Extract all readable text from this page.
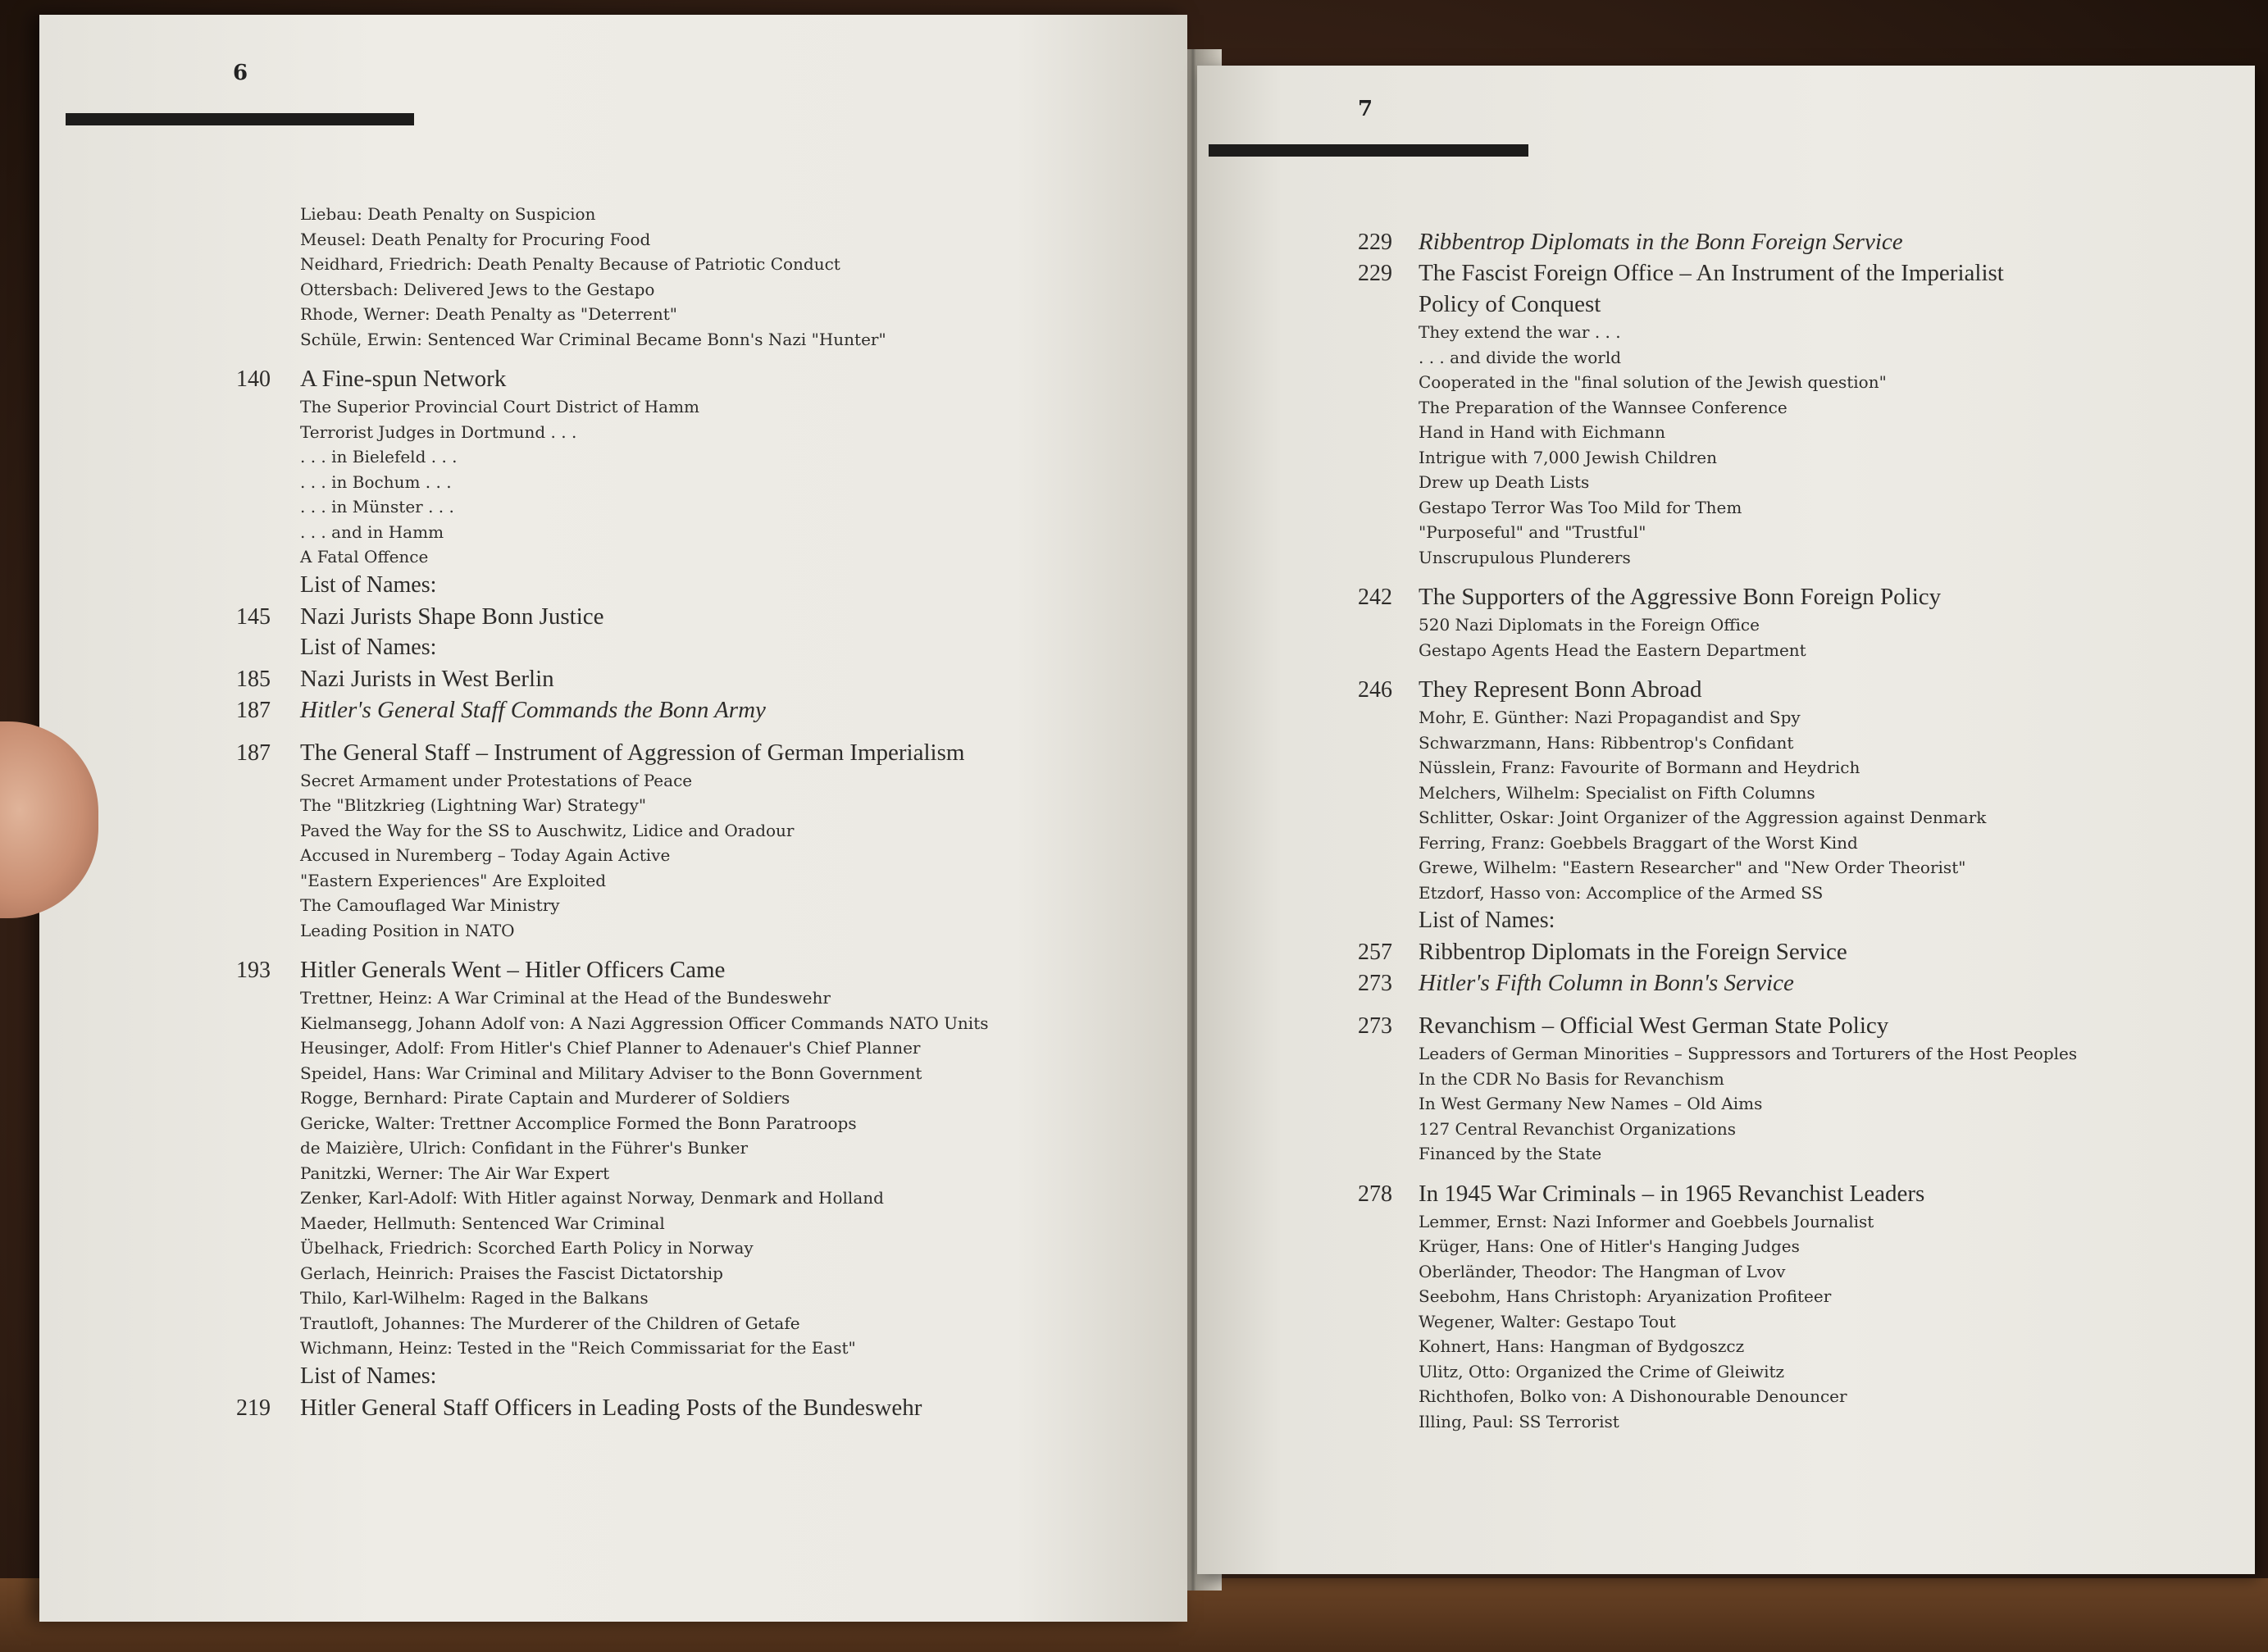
6
Liebau: Death Penalty on Suspicion
Meusel: Death Penalty for Procuring Food
Neidhard, Friedrich: Death Penalty Because of Patriotic Conduct
Ottersbach: Delivered Jews to the Gestapo
Rhode, Werner: Death Penalty as "Deterrent"
Schüle, Erwin: Sentenced War Criminal Became Bonn's Nazi "Hunter"
140	A Fine-spun Network
The Superior Provincial Court District of Hamm
Terrorist Judges in Dortmund . . .
. . . in Bielefeld . . .
. . . in Bochum . . .
. . . in Münster . . .
. . . and in Hamm
A Fatal Offence
List of Names:
145	Nazi Jurists Shape Bonn Justice
List of Names:
185	Nazi Jurists in West Berlin
187	Hitler's General Staff Commands the Bonn Army
187	The General Staff – Instrument of Aggression of German Imperialism
Secret Armament under Protestations of Peace
The "Blitzkrieg (Lightning War) Strategy"
Paved the Way for the SS to Auschwitz, Lidice and Oradour
Accused in Nuremberg – Today Again Active
"Eastern Experiences" Are Exploited
The Camouflaged War Ministry
Leading Position in NATO
193	Hitler Generals Went – Hitler Officers Came
Trettner, Heinz: A War Criminal at the Head of the Bundeswehr
Kielmansegg, Johann Adolf von: A Nazi Aggression Officer Commands NATO Units
Heusinger, Adolf: From Hitler's Chief Planner to Adenauer's Chief Planner
Speidel, Hans: War Criminal and Military Adviser to the Bonn Government
Rogge, Bernhard: Pirate Captain and Murderer of Soldiers
Gericke, Walter: Trettner Accomplice Formed the Bonn Paratroops
de Maizière, Ulrich: Confidant in the Führer's Bunker
Panitzki, Werner: The Air War Expert
Zenker, Karl-Adolf: With Hitler against Norway, Denmark and Holland
Maeder, Hellmuth: Sentenced War Criminal
Übelhack, Friedrich: Scorched Earth Policy in Norway
Gerlach, Heinrich: Praises the Fascist Dictatorship
Thilo, Karl-Wilhelm: Raged in the Balkans
Trautloft, Johannes: The Murderer of the Children of Getafe
Wichmann, Heinz: Tested in the "Reich Commissariat for the East"
List of Names:
219	Hitler General Staff Officers in Leading Posts of the Bundeswehr
7
229	Ribbentrop Diplomats in the Bonn Foreign Service
229	The Fascist Foreign Office – An Instrument of the Imperialist
Policy of Conquest
They extend the war . . .
. . . and divide the world
Cooperated in the "final solution of the Jewish question"
The Preparation of the Wannsee Conference
Hand in Hand with Eichmann
Intrigue with 7,000 Jewish Children
Drew up Death Lists
Gestapo Terror Was Too Mild for Them
"Purposeful" and "Trustful"
Unscrupulous Plunderers
242	The Supporters of the Aggressive Bonn Foreign Policy
520 Nazi Diplomats in the Foreign Office
Gestapo Agents Head the Eastern Department
246	They Represent Bonn Abroad
Mohr, E. Günther: Nazi Propagandist and Spy
Schwarzmann, Hans: Ribbentrop's Confidant
Nüsslein, Franz: Favourite of Bormann and Heydrich
Melchers, Wilhelm: Specialist on Fifth Columns
Schlitter, Oskar: Joint Organizer of the Aggression against Denmark
Ferring, Franz: Goebbels Braggart of the Worst Kind
Grewe, Wilhelm: "Eastern Researcher" and "New Order Theorist"
Etzdorf, Hasso von: Accomplice of the Armed SS
List of Names:
257	Ribbentrop Diplomats in the Foreign Service
273	Hitler's Fifth Column in Bonn's Service
273	Revanchism – Official West German State Policy
Leaders of German Minorities – Suppressors and Torturers of the Host Peoples
In the CDR No Basis for Revanchism
In West Germany New Names – Old Aims
127 Central Revanchist Organizations
Financed by the State
278	In 1945 War Criminals – in 1965 Revanchist Leaders
Lemmer, Ernst: Nazi Informer and Goebbels Journalist
Krüger, Hans: One of Hitler's Hanging Judges
Oberländer, Theodor: The Hangman of Lvov
Seebohm, Hans Christoph: Aryanization Profiteer
Wegener, Walter: Gestapo Tout
Kohnert, Hans: Hangman of Bydgoszcz
Ulitz, Otto: Organized the Crime of Gleiwitz
Richthofen, Bolko von: A Dishonourable Denouncer
Illing, Paul: SS Terrorist
